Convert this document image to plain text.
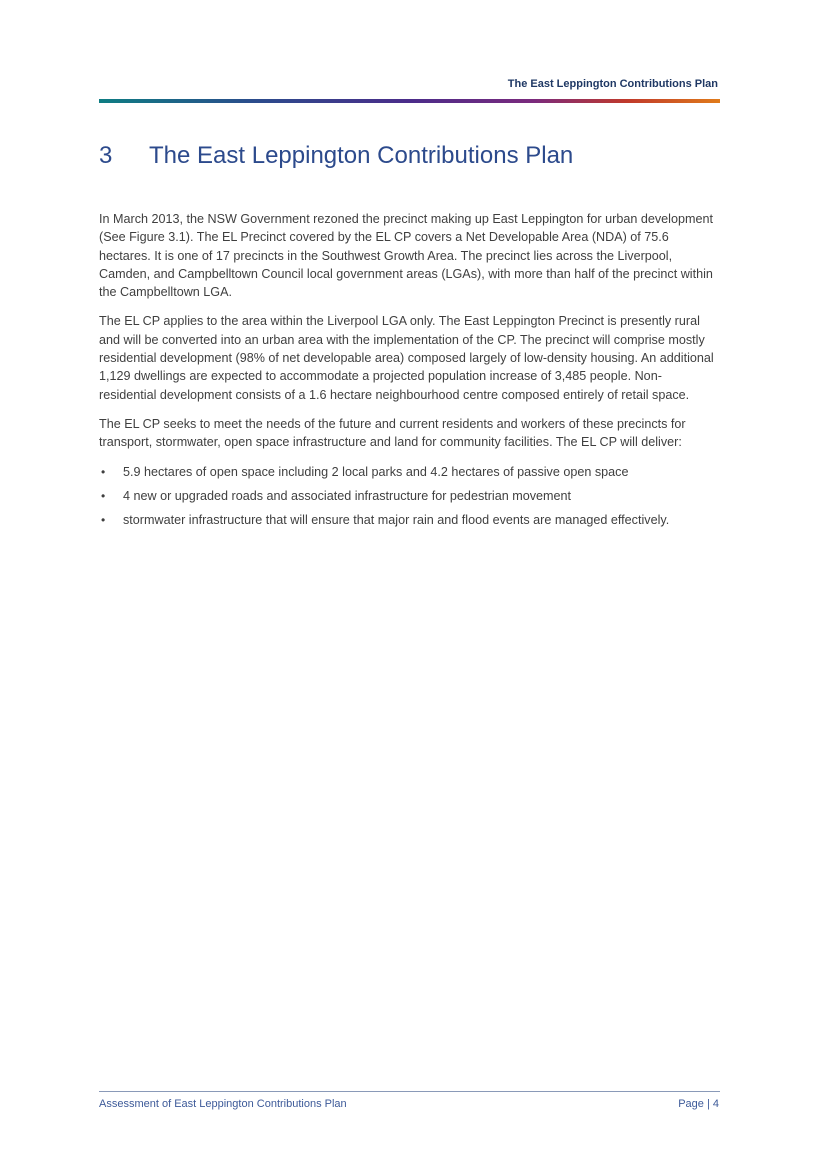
The East Leppington Contributions Plan
3 The East Leppington Contributions Plan

In March 2013, the NSW Government rezoned the precinct making up East Leppington for urban development (See Figure 3.1). The EL Precinct covered by the EL CP covers a Net Developable Area (NDA) of 75.6 hectares. It is one of 17 precincts in the Southwest Growth Area. The precinct lies across the Liverpool, Camden, and Campbelltown Council local government areas (LGAs), with more than half of the precinct within the Campbelltown LGA.

The EL CP applies to the area within the Liverpool LGA only. The East Leppington Precinct is presently rural and will be converted into an urban area with the implementation of the CP. The precinct will comprise mostly residential development (98% of net developable area) composed largely of low-density housing. An additional 1,129 dwellings are expected to accommodate a projected population increase of 3,485 people. Non-residential development consists of a 1.6 hectare neighbourhood centre composed entirely of retail space.

The EL CP seeks to meet the needs of the future and current residents and workers of these precincts for transport, stormwater, open space infrastructure and land for community facilities. The EL CP will deliver:

• 5.9 hectares of open space including 2 local parks and 4.2 hectares of passive open space
• 4 new or upgraded roads and associated infrastructure for pedestrian movement
• stormwater infrastructure that will ensure that major rain and flood events are managed effectively.
Assessment of East Leppington Contributions Plan	Page | 4
